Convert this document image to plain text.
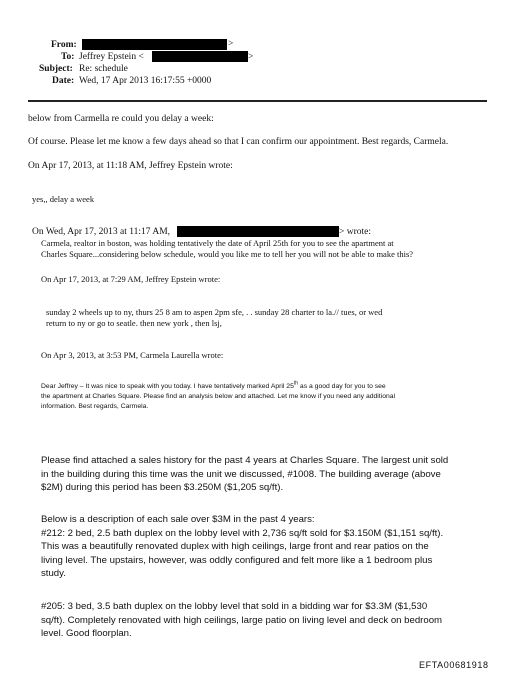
From:	>
To: Jeffrey Epstein <	>
Subject: Re: schedule
Date: Wed, 17 Apr 2013 16:17:55 +0000
below from Carmella re could you delay a week:
Of course. Please let me know a few days ahead so that I can confirm our appointment. Best regards, Carmela.
On Apr 17, 2013, at 11:18 AM, Jeffrey Epstein wrote:
yes,, delay a week
On Wed, Apr 17, 2013 at 11:17 AM,	> wrote:
Carmela, realtor in boston, was holding tentatively the date of April 25th for you to see the apartment at
Charles Square...considering below schedule, would you like me to tell her you will not be able to make this?
On Apr 17, 2013, at 7:29 AM, Jeffrey Epstein wrote:
sunday 2 wheels up to ny, thurs 25 8 am to aspen 2pm sfe, . . sunday 28 charter to la.// tues, or wed
return to ny or go to seatle. then new york , then lsj,
On Apr 3, 2013, at 3:53 PM, Carmela Laurella wrote:
Dear Jeffrey – It was nice to speak with you today. I have tentatively marked April 25th as a good day for you to see
the apartment at Charles Square. Please find an analysis below and attached. Let me know if you need any additional
information. Best regards, Carmela.
Please find attached a sales history for the past 4 years at Charles Square. The largest unit sold
in the building during this time was the unit we discussed, #1008. The building average (above
$2M) during this period has been $3.250M ($1,205 sq/ft).
Below is a description of each sale over $3M in the past 4 years:
#212: 2 bed, 2.5 bath duplex on the lobby level with 2,736 sq/ft sold for $3.150M ($1,151 sq/ft).
This was a beautifully renovated duplex with high ceilings, large front and rear patios on the
living level. The upstairs, however, was oddly configured and felt more like a 1 bedroom plus
study.
#205: 3 bed, 3.5 bath duplex on the lobby level that sold in a bidding war for $3.3M ($1,530
sq/ft). Completely renovated with high ceilings, large patio on living level and deck on bedroom
level. Good floorplan.
EFTA00681918
